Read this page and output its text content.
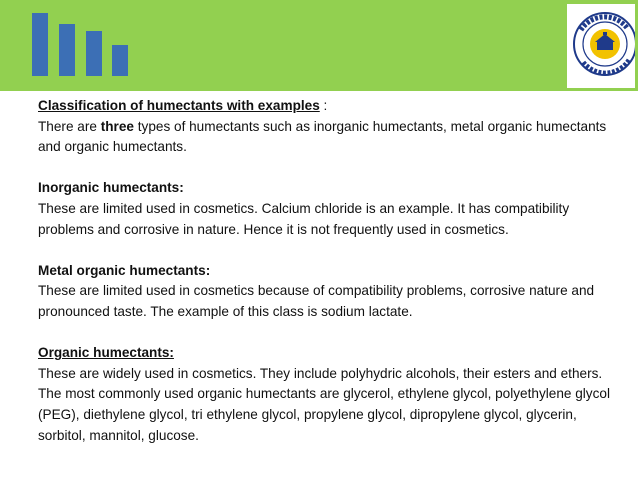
Classification of humectants with examples :

There are three types of humectants such as inorganic humectants, metal organic humectants and organic humectants.

Inorganic humectants:

These are limited used in cosmetics. Calcium chloride is an example. It has compatibility problems and corrosive in nature. Hence it is not frequently used in cosmetics.

Metal organic humectants:

These are limited used in cosmetics because of compatibility problems, corrosive nature and pronounced taste. The example of this class is sodium lactate.

Organic humectants:

These are widely used in cosmetics. They include polyhydric alcohols, their esters and ethers. The most commonly used organic humectants are glycerol, ethylene glycol, polyethylene glycol (PEG), diethylene glycol, tri ethylene glycol, propylene glycol, dipropylene glycol, glycerin, sorbitol, mannitol, glucose.
